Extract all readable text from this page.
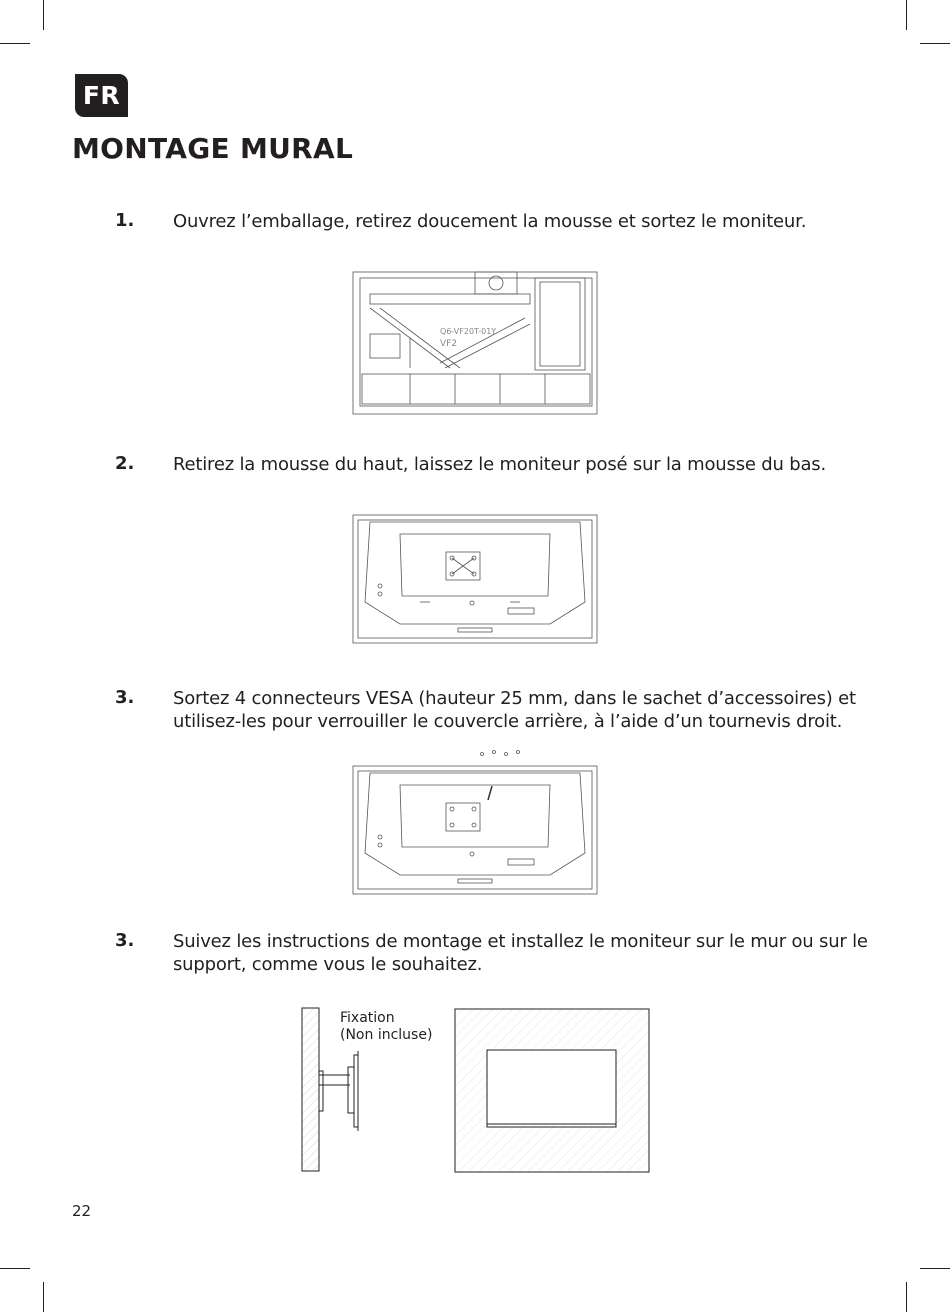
FR
MONTAGE MURAL
1. Ouvrez l’emballage, retirez doucement la mousse et sortez le moniteur.
Q6-VF20T-01Y
VF2
2. Retirez la mousse du haut, laissez le moniteur posé sur la mousse du bas.
3. Sortez 4 connecteurs VESA (hauteur 25 mm, dans le sachet d’accessoires) et utilisez-les pour verrouiller le couvercle arrière, à l’aide d’un tournevis droit.
3. Suivez les instructions de montage et installez le moniteur sur le mur ou sur le support, comme vous le souhaitez.
Fixation
(Non incluse)
22
